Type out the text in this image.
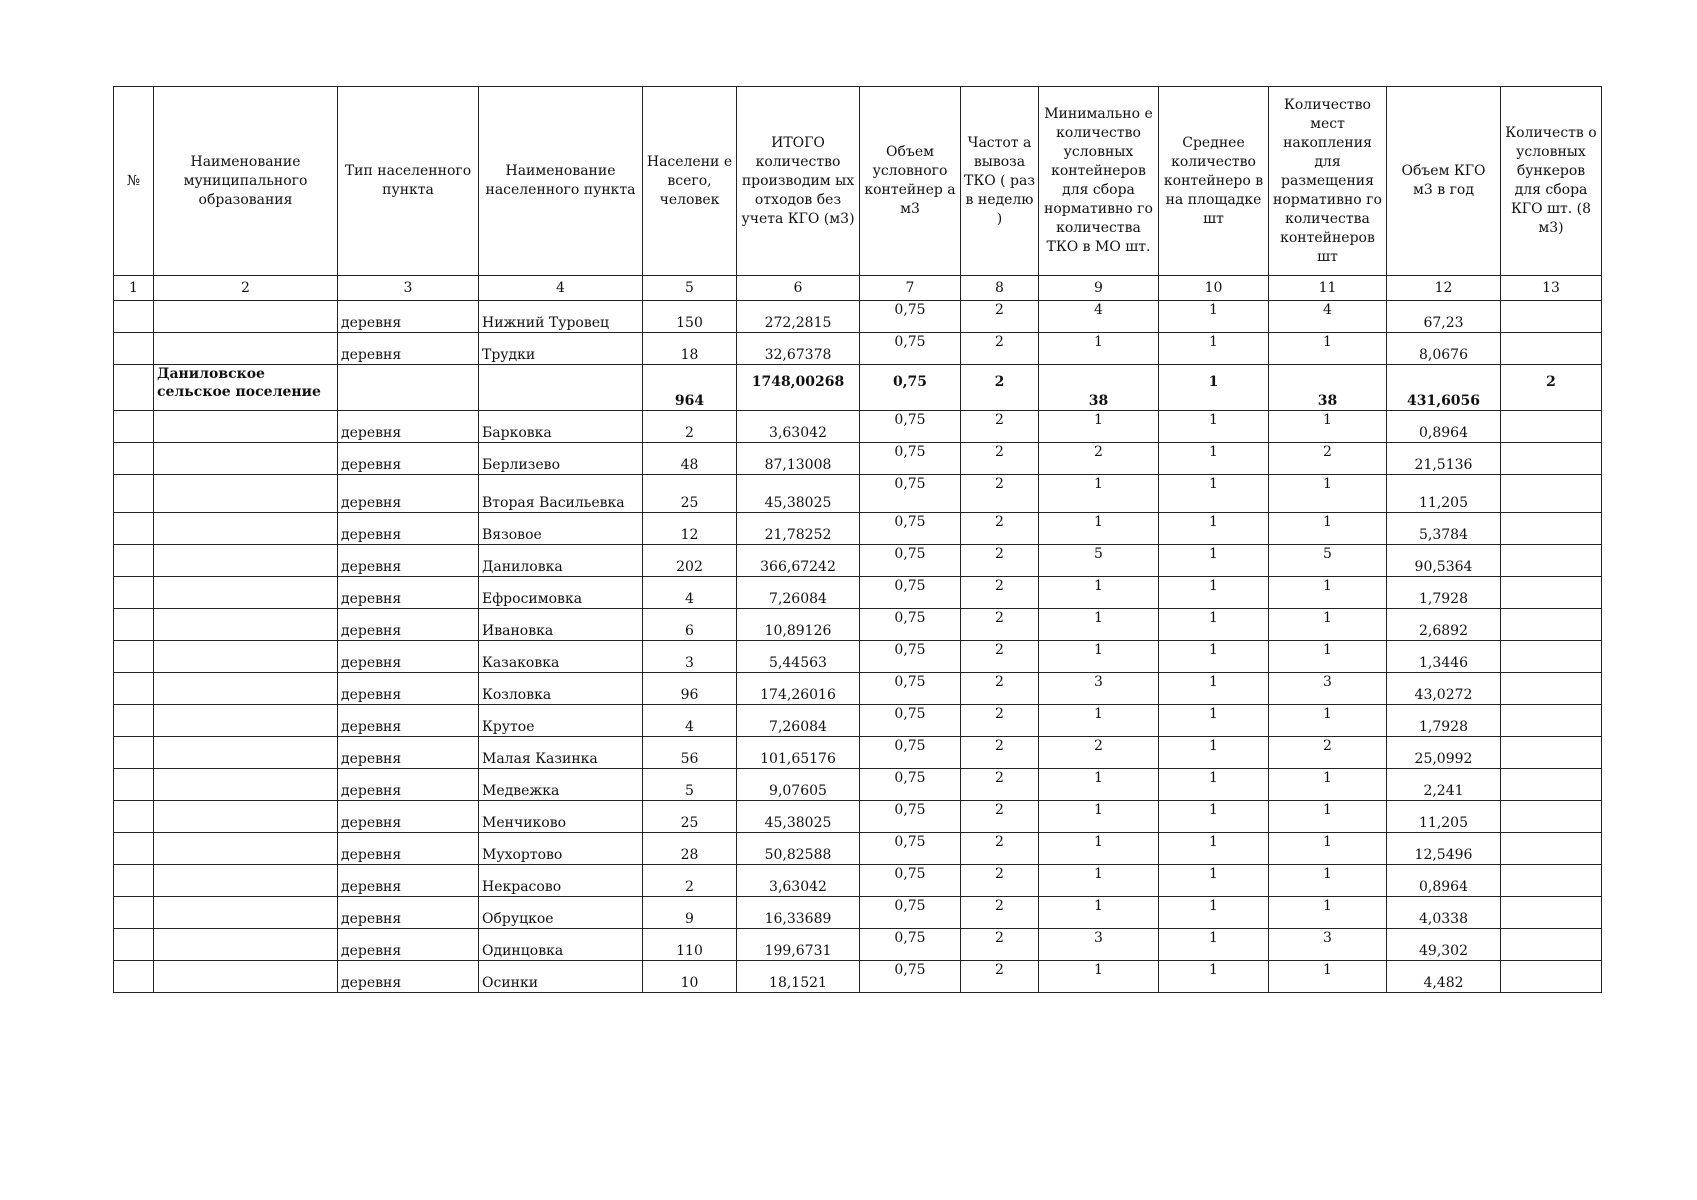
№	Наименование муниципального образования	Тип населенного пункта	Наименование населенного пункта	Населени е всего, человек	ИТОГО количество производим ых отходов без учета КГО (м3)	Объем условного контейнер а м3	Частот а вывоза ТКО ( раз в неделю )	Минимально е количество условных контейнеров для сбора нормативно го количества ТКО в МО шт.	Среднее количество контейнеро в на площадке шт	Количество мест накопления для размещения нормативно го количества контейнеров шт	Объем КГО м3 в год	Количеств о условных бункеров для сбора КГО шт. (8 м3)
1	2	3	4	5	6	7	8	9	10	11	12	13
		деревня	Нижний Туровец	150	272,2815	0,75	2	4	1	4	67,23	
		деревня	Трудки	18	32,67378	0,75	2	1	1	1	8,0676	
	Даниловское сельское поселение			964	1748,00268	0,75	2	38	1	38	431,6056	2
		деревня	Барковка	2	3,63042	0,75	2	1	1	1	0,8964	
		деревня	Берлизево	48	87,13008	0,75	2	2	1	2	21,5136	
		деревня	Вторая Васильевка	25	45,38025	0,75	2	1	1	1	11,205	
		деревня	Вязовое	12	21,78252	0,75	2	1	1	1	5,3784	
		деревня	Даниловка	202	366,67242	0,75	2	5	1	5	90,5364	
		деревня	Ефросимовка	4	7,26084	0,75	2	1	1	1	1,7928	
		деревня	Ивановка	6	10,89126	0,75	2	1	1	1	2,6892	
		деревня	Казаковка	3	5,44563	0,75	2	1	1	1	1,3446	
		деревня	Козловка	96	174,26016	0,75	2	3	1	3	43,0272	
		деревня	Крутое	4	7,26084	0,75	2	1	1	1	1,7928	
		деревня	Малая Казинка	56	101,65176	0,75	2	2	1	2	25,0992	
		деревня	Медвежка	5	9,07605	0,75	2	1	1	1	2,241	
		деревня	Менчиково	25	45,38025	0,75	2	1	1	1	11,205	
		деревня	Мухортово	28	50,82588	0,75	2	1	1	1	12,5496	
		деревня	Некрасово	2	3,63042	0,75	2	1	1	1	0,8964	
		деревня	Обруцкое	9	16,33689	0,75	2	1	1	1	4,0338	
		деревня	Одинцовка	110	199,6731	0,75	2	3	1	3	49,302	
		деревня	Осинки	10	18,1521	0,75	2	1	1	1	4,482	
